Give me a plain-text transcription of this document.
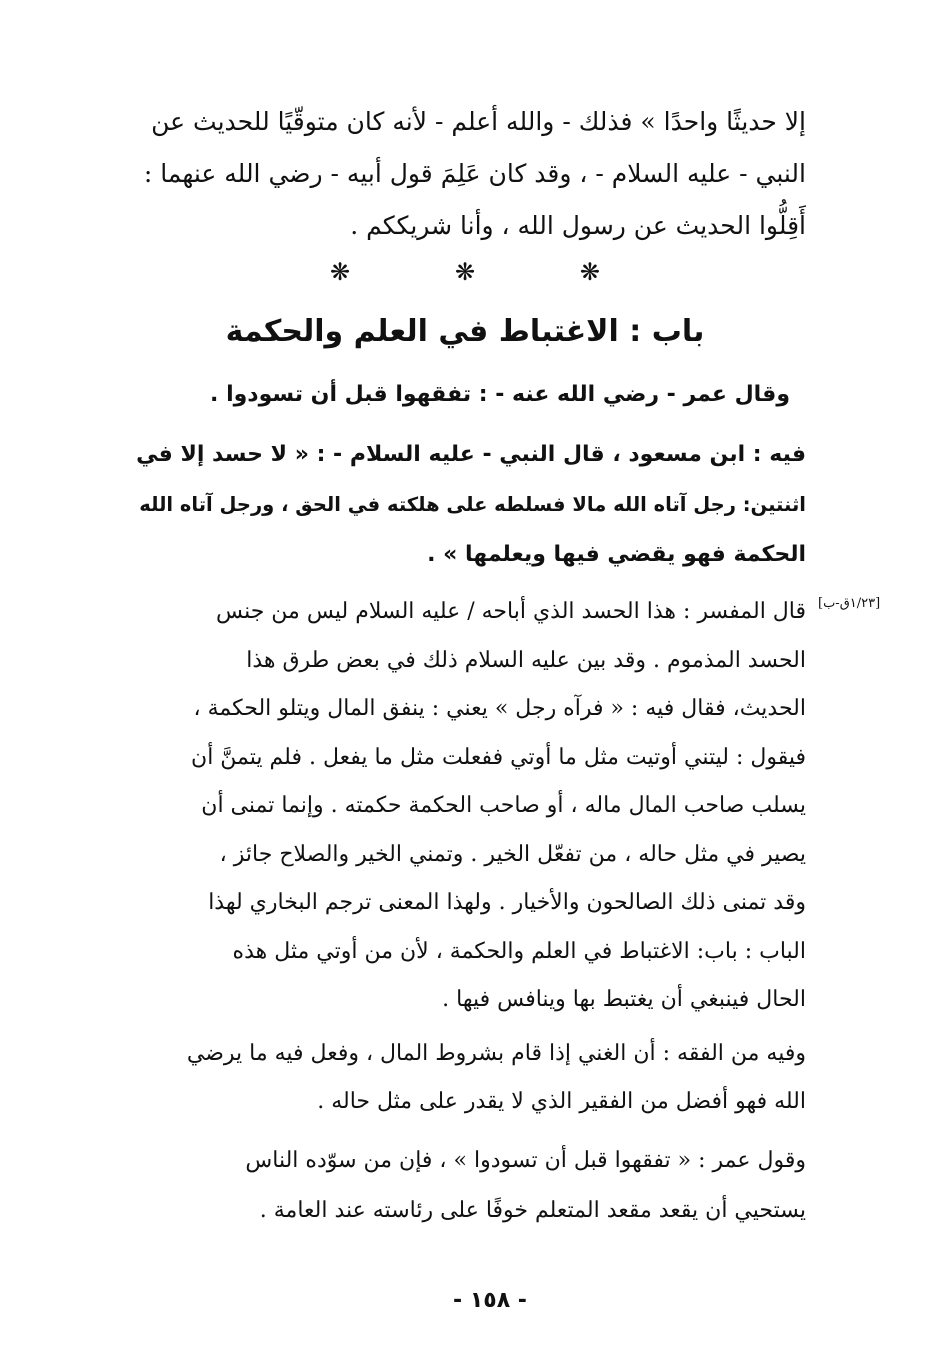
إلا حديثًا واحدًا » فذلك - والله أعلم - لأنه كان متوقّيًا للحديث عن
النبي - عليه السلام - ، وقد كان عَلِمَ قول أبيه - رضي الله عنهما :
أَقِلُّوا الحديث عن رسول الله ، وأنا شريككم .
❋	❋	❋
باب : الاغتباط في العلم والحكمة
وقال عمر - رضي الله عنه - : تفقهوا قبل أن تسودوا .
فيه : ابن مسعود ، قال النبي - عليه السلام - : « لا حسد إلا في
اثنتين: رجل آتاه الله مالا فسلطه على هلكته في الحق ، ورجل آتاه الله
الحكمة فهو يقضي فيها ويعلمها » .
[١/٢٣ق-ب]
قال المفسر : هذا الحسد الذي أباحه / عليه السلام ليس من جنس
الحسد المذموم . وقد بين عليه السلام ذلك في بعض طرق هذا
الحديث، فقال فيه : « فرآه رجل » يعني : ينفق المال ويتلو الحكمة ،
فيقول : ليتني أوتيت مثل ما أوتي ففعلت مثل ما يفعل . فلم يتمنَّ أن
يسلب صاحب المال ماله ، أو صاحب الحكمة حكمته . وإنما تمنى أن
يصير في مثل حاله ، من تفعّل الخير . وتمني الخير والصلاح جائز ،
وقد تمنى ذلك الصالحون والأخيار . ولهذا المعنى ترجم البخاري لهذا
الباب : باب: الاغتباط في العلم والحكمة ، لأن من أوتي مثل هذه
الحال فينبغي أن يغتبط بها وينافس فيها .
وفيه من الفقه : أن الغني إذا قام بشروط المال ، وفعل فيه ما يرضي
الله فهو أفضل من الفقير الذي لا يقدر على مثل حاله .
وقول عمر : « تفقهوا قبل أن تسودوا » ، فإن من سوّده الناس
يستحيي أن يقعد مقعد المتعلم خوفًا على رئاسته عند العامة .
- ١٥٨ -
